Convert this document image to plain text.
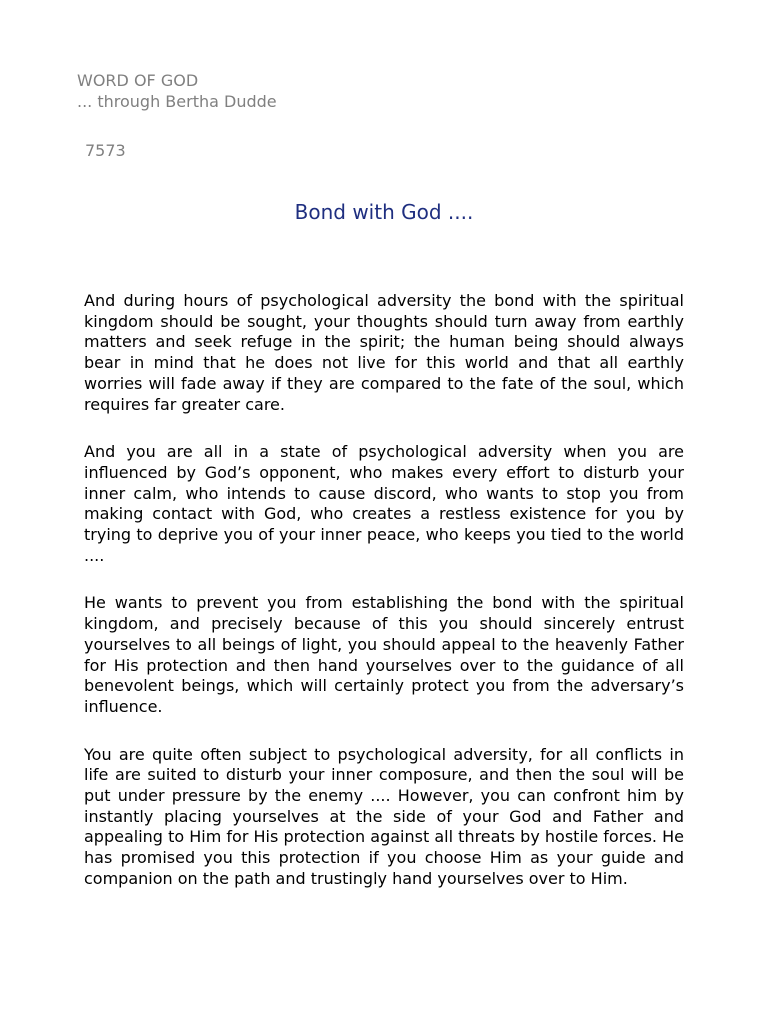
WORD OF GOD
... through Bertha Dudde
7573
Bond with God ....

And during hours of psychological adversity the bond with the spiritual kingdom should be sought, your thoughts should turn away from earthly matters and seek refuge in the spirit; the human being should always bear in mind that he does not live for this world and that all earthly worries will fade away if they are compared to the fate of the soul, which requires far greater care.

And you are all in a state of psychological adversity when you are influenced by God’s opponent, who makes every effort to disturb your inner calm, who intends to cause discord, who wants to stop you from making contact with God, who creates a restless existence for you by trying to deprive you of your inner peace, who keeps you tied to the world ....

He wants to prevent you from establishing the bond with the spiritual kingdom, and precisely because of this you should sincerely entrust yourselves to all beings of light, you should appeal to the heavenly Father for His protection and then hand yourselves over to the guidance of all benevolent beings, which will certainly protect you from the adversary’s influence.

You are quite often subject to psychological adversity, for all conflicts in life are suited to disturb your inner composure, and then the soul will be put under pressure by the enemy .... However, you can confront him by instantly placing yourselves at the side of your God and Father and appealing to Him for His protection against all threats by hostile forces. He has promised you this protection if you choose Him as your guide and companion on the path and trustingly hand yourselves over to Him.
